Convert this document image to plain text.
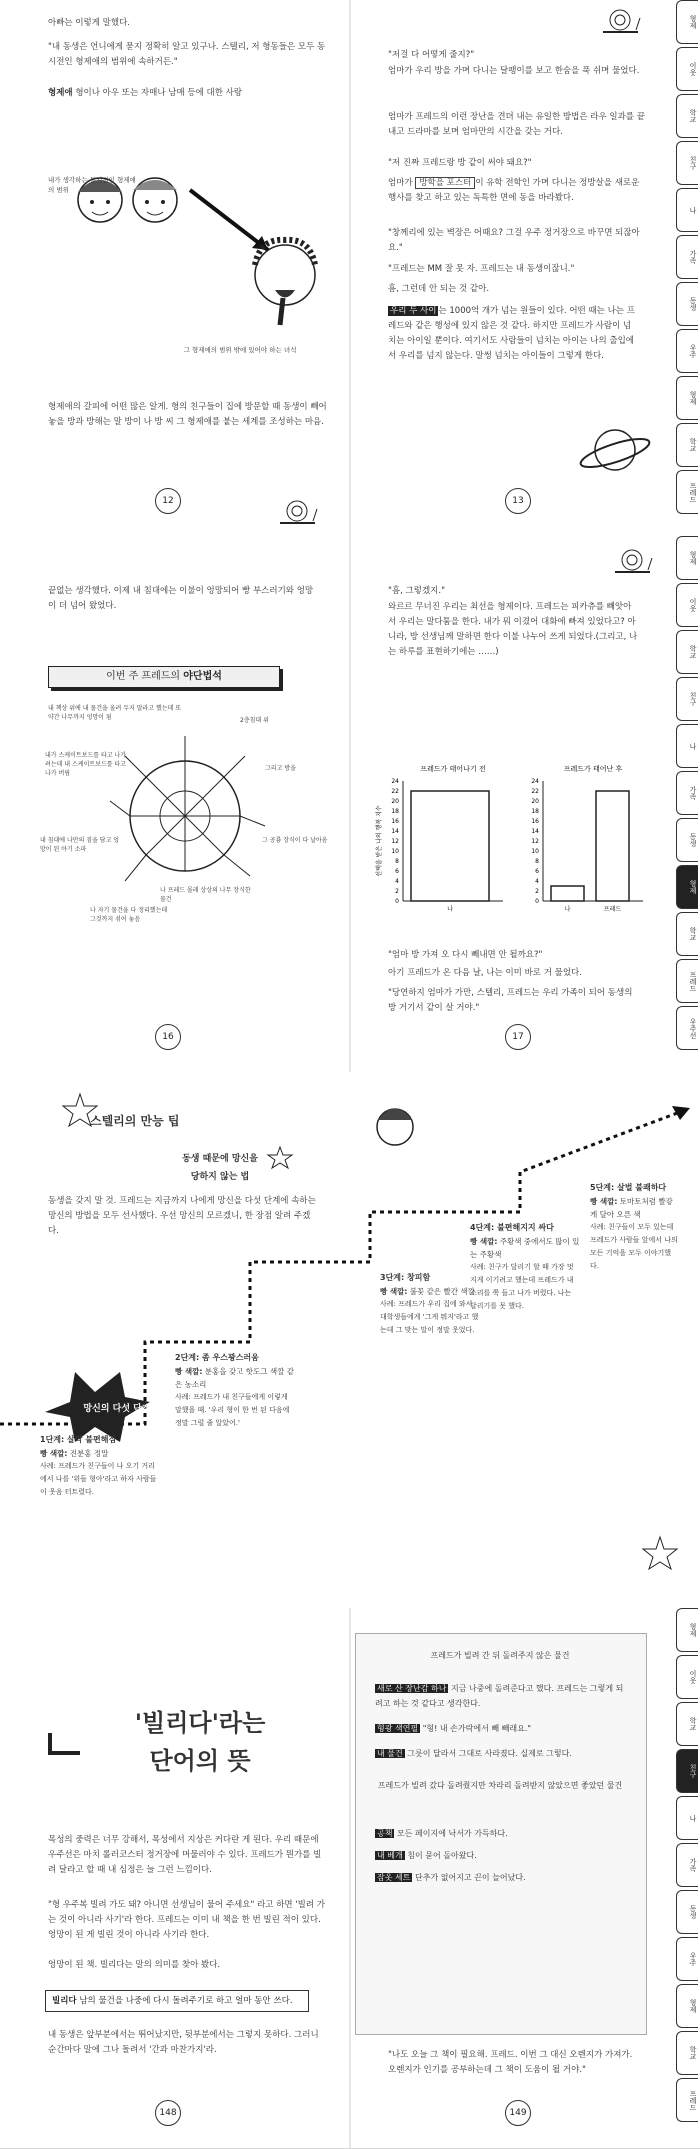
아빠는 이렇게 말했다.

"내 동생은 언니에게 묻지 정확히 알고 있구나. 스텔리, 저 형동들은 모두 동시전인 형제애의 범위에 속하거든."

형제애 형이나 아우 또는 자매나 남매 등에 대한 사랑

내가 생각하는 동시전인 형제애의 범위

그 형제애의 범위 밖에 있어야 하는 녀석

형제애의 갈피에 어떤 많은 알게. 형의 친구들이 집에 방문할 때 동생이 빼어놓을 방과 방해는 말 방이 나 방 씨 그 형제애를 붙는 세계를 조성하는 마음.

12

"저걸 다 어떻게 줄지?"

엄마가 우리 방을 가며 다니는 달팽이를 보고 한숨을 푹 쉬며 물었다.

엄마가 프레드의 이런 장난을 견뎌 내는 유일한 방법은 라우 일과를 끝내고 드라마를 보며 엄마만의 시간을 갖는 거다.

"저 진짜 프레드랑 방 같이 써야 돼요?"

엄마가 방학을 포스터 이 유학 전학인 가며 다니는 정방살을 새로운 행사를 찾고 하고 있는 독특한 면에 동을 바라봤다.

"창께리에 있는 벽장은 어때요? 그걸 우주 정거장으로 바꾸면 되잖아요."

"프레드는 MM 잘 못 자. 프레드는 내 동생이잖니."

흠, 그런데 안 되는 것 같아.

우리 두 사이 는 1000억 개가 넘는 원들이 있다. 어떤 때는 나는 프레드와 같은 행성에 있지 않은 것 같다. 하지만 프레드가 사람이 넘치는 아이일 뿐이다. 여기서도 사람들이 넘치는 아이는 나의 출입에서 우리를 넘지 않는다. 말썽 넘치는 아이들이 그렇게 한다.

13
형제
이웃
학교
친구
나
가족
동생
우주
형제
학교
프레드

끝없는 생각했다. 이제 내 침대에는 이불이 엉망되어 빵 부스러기와 엉망이 더 넘어 왔었다.

이번 주 프레드의 야단법석

내 책상 위에 내 물건을 올려 두지 말라고 했는데 또 약간 나무까지 엉망이 됨	2층침대 위

그리고 방을

그 공룡 장식이 다 날아옴

나 프레드 몰래 상상의 나무 장식한 물건

나 자기 물건을 다 정리했는데 그것까지 섞어 놓음

내 침대에 나만의 짐을 담고 엉망이 된 아기 소파

내가 스케이트보드를 타고 나가려는데 내 스케이트보드를 타고 나가 버림

16

"흠, 그렇겠지."

와르르 무너진 우리는 최선을 형제이다. 프레드는 피카츄를 빼앗아서 우리는 말다툼을 한다. 내가 뭐 이겼어 대화에 빠져 있었다고? 아니라, 방 선생님께 말하면 한다 이불 나누어 쓰게 되었다.(그리고, 나는 하루를 표현하기에는 ……)

프레드가 태어나기 전
0
2
4
6
8
10
12
14
16
18
20
22
24
선택을 받은 나의 행복 지수
나
프레드가 태어난 후
0
2
4
6
8
10
12
14
16
18
20
22
24
나	프레드

"엄마 방 가져 오 다시 빼내면 안 될까요?"

아기 프레드가 온 다음 날, 나는 이미 바로 거 물었다.

"당연하지 엄마가 가만, 스텔리, 프레드는 우리 가족이 되어 동생의 방 거기서 같이 살 거야."

17
형제
이웃
학교
친구
나
가족
동생
형제
학교
프레드
우주선

스텔리의 만능 팁

동생 때문에 망신을

당하지 않는 법

동생을 갖지 말 것. 프레드는 지금까지 나에게 망신을 다섯 단계에 속하는 망신의 방법을 모두 선사했다. 우선 망신의 모르겠니, 한 장점 알려 주겠다.

망신의 다섯 단계

1단계: 살짝 불편해짐

빵 색깔: 진분홍 정말

사례: 프레드가 친구들이 나 오기 거리에서 나를 '위들 형아'라고 하자 사람들이 웃음 터트렸다.

2단계: 좀 우스꽝스러움

빵 색깔: 분홍을 갖고 핫도그 색깔 같은 농소리

사례: 프레드가 내 친구들에게 이렇게 말했을 때. '우리 형이 한 번 된 다음에 정말 그럴 줄 알았어.'

3단계: 창피함

빵 색깔: 불꽃 같은 빨간 색깔

사례: 프레드가 우리 집에 와서 대학생들에게 '그게 뭐지'라고 했는데 그 맞는 말이 정말 웃었다.

4단계: 불편해지지 싸다

빵 색깔: 주황색 중에서도 많이 있는 주황색

사례: 친구가 달리기 할 때 가장 멋지게 이기려고 했는데 프레드가 내 소리를 쭉 들고 나가 버렸다. 나는 달리기를 못 했다.

5단계: 살벌 불쾌하다

빵 색깔: 토마토처럼 빨갛게 달아 오른 색

사례: 친구들이 모두 있는데 프레드가 사람들 앞에서 나의 모든 기억을 모두 이야기했다.

'빌리다'라는

단어의 뜻

목성의 중력은 너무 강해서, 목성에서 지상은 커다란 게 된다. 우리 때문에 우주선은 마치 롤러코스터 정거장에 머물러야 수 있다. 프레드가 뭔가를 빌려 달라고 할 때 내 심정은 늘 그런 느낌이다.

"형 우주복 빌려 가도 돼? 아니면 선생님이 물어 주세요" 라고 하면 '빌려 가는 것이 아니라 사기'라 한다. 프레드는 이미 내 책을 한 번 빌린 적이 있다. 엉망이 된 게 빌린 것이 아니라 사기라 한다.

엉망이 된 책. 빌리다는 말의 의미를 찾아 봤다.

빌리다 남의 물건을 나중에 다시 돌려주기로 하고 얼마 동안 쓰다.

내 동생은 앞부분에서는 뛰어났지만, 뒷부분에서는 그렇지 못하다. 그러니 순간마다 말에 그나 돌려서 '간과 마찬가지'라.

148

프레드가 빌려 간 뒤 돌려주지 않은 물건

새로 산 장난감 하나 지금 나중에 돌려준다고 했다. 프레드는 그렇게 되려고 하는 것 같다고 생각한다.

형광 색연필 "형! 내 손가락에서 빼 빼래요."

내 물건 그릇이 달라서 그대로 사라졌다. 실제로 그렇다.

프레드가 빌려 갔다 돌려줬지만 차라리 돌려받지 않았으면 좋았던 물건

공책 모든 페이지에 낙서가 가득하다.

내 베개 침이 묻어 돌아왔다.

잠옷 세트 단추가 없어지고 끈이 늘어났다.

"나도 오늘 그 책이 필요해. 프레드. 이번 그 대신 오렌지가 가져가. 오렌지가 인기를 공부하는데 그 책이 도움이 될 거야."

149
형제
이웃
학교
친구
나
가족
동생
우주
형제
학교
프레드
